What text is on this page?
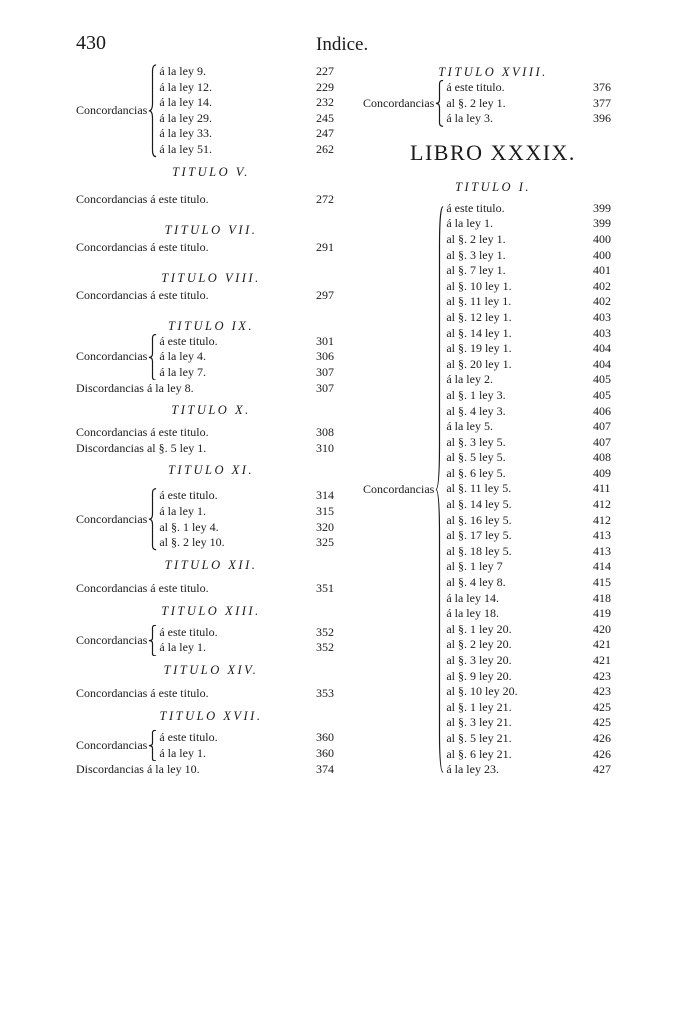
430	Indice.
Concordancias
á la ley 9.	227
á la ley 12.	229
á la ley 14.	232
á la ley 29.	245
á la ley 33.	247
á la ley 51.	262
TITULO V.
Concordancias á este titulo.	272
TITULO VII.
Concordancias á este titulo.	291
TITULO VIII.
Concordancias á este titulo.	297
TITULO IX.
Concordancias
á este titulo.	301
á la ley 4.	306
á la ley 7.	307
Discordancias á la ley 8.	307
TITULO X.
Concordancias á este titulo.	308
Discordancias al §. 5 ley 1.	310
TITULO XI.
Concordancias
á este titulo.	314
á la ley 1.	315
al §. 1 ley 4.	320
al §. 2 ley 10.	325
TITULO XII.
Concordancias á este titulo.	351
TITULO XIII.
Concordancias
á este titulo.	352
á la ley 1.	352
TITULO XIV.
Concordancias á este titulo.	353
TITULO XVII.
Concordancias
á este titulo.	360
á la ley 1.	360
Discordancias á la ley 10.	374
TITULO XVIII.
Concordancias
á este titulo.	376
al §. 2 ley 1.	377
á la ley 3.	396
LIBRO XXXIX.
TITULO I.
Concordancias
á este titulo.	399
á la ley 1.	399
al §. 2 ley 1.	400
al §. 3 ley 1.	400
al §. 7 ley 1.	401
al §. 10 ley 1.	402
al §. 11 ley 1.	402
al §. 12 ley 1.	403
al §. 14 ley 1.	403
al §. 19 ley 1.	404
al §. 20 ley 1.	404
á la ley 2.	405
al §. 1 ley 3.	405
al §. 4 ley 3.	406
á la ley 5.	407
al §. 3 ley 5.	407
al §. 5 ley 5.	408
al §. 6 ley 5.	409
al §. 11 ley 5.	411
al §. 14 ley 5.	412
al §. 16 ley 5.	412
al §. 17 ley 5.	413
al §. 18 ley 5.	413
al §. 1 ley 7	414
al §. 4 ley 8.	415
á la ley 14.	418
á la ley 18.	419
al §. 1 ley 20.	420
al §. 2 ley 20.	421
al §. 3 ley 20.	421
al §. 9 ley 20.	423
al §. 10 ley 20.	423
al §. 1 ley 21.	425
al §. 3 ley 21.	425
al §. 5 ley 21.	426
al §. 6 ley 21.	426
á la ley 23.	427
